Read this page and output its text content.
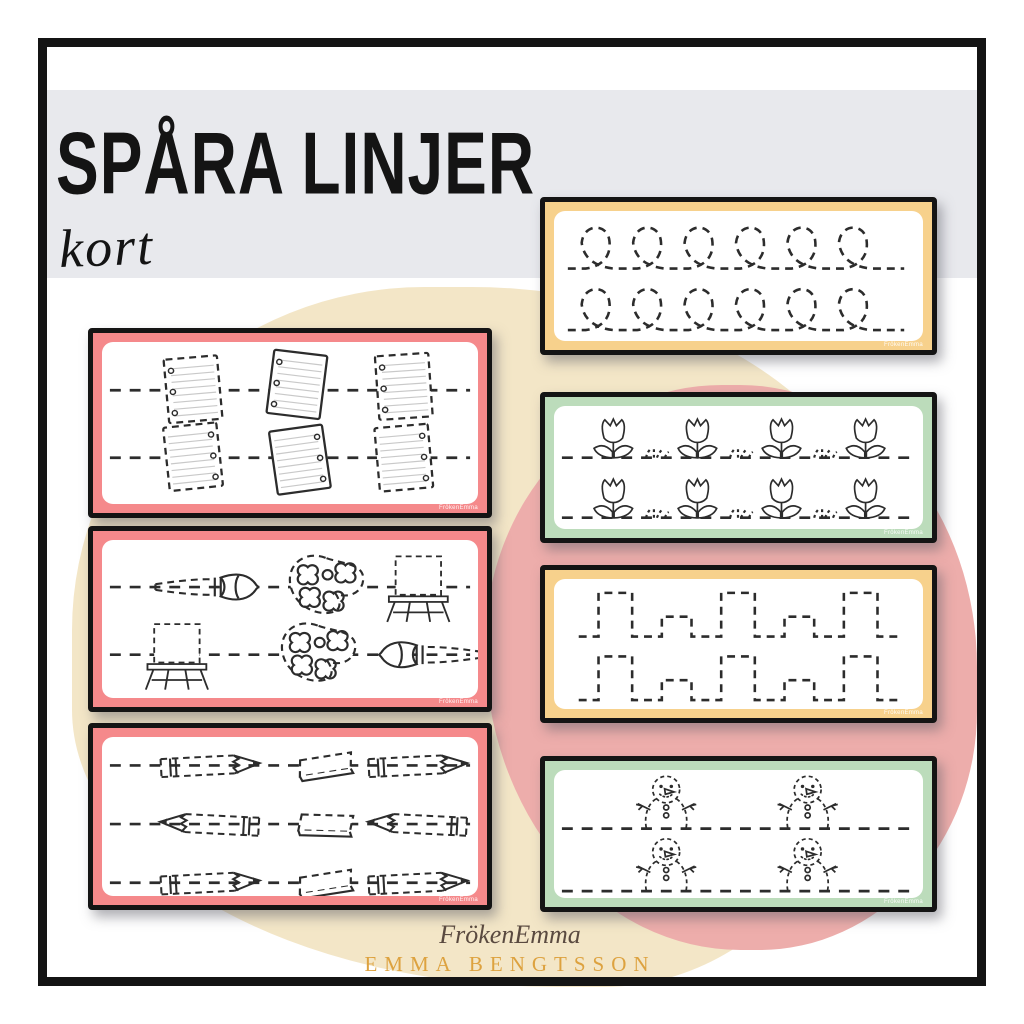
SPÅRA LINJER
kort
FrökenEmma
FrökenEmma
FrökenEmma
FrökenEmma
FrökenEmma
FrökenEmma
FrökenEmma
FrökenEmma
EMMA BENGTSSON
